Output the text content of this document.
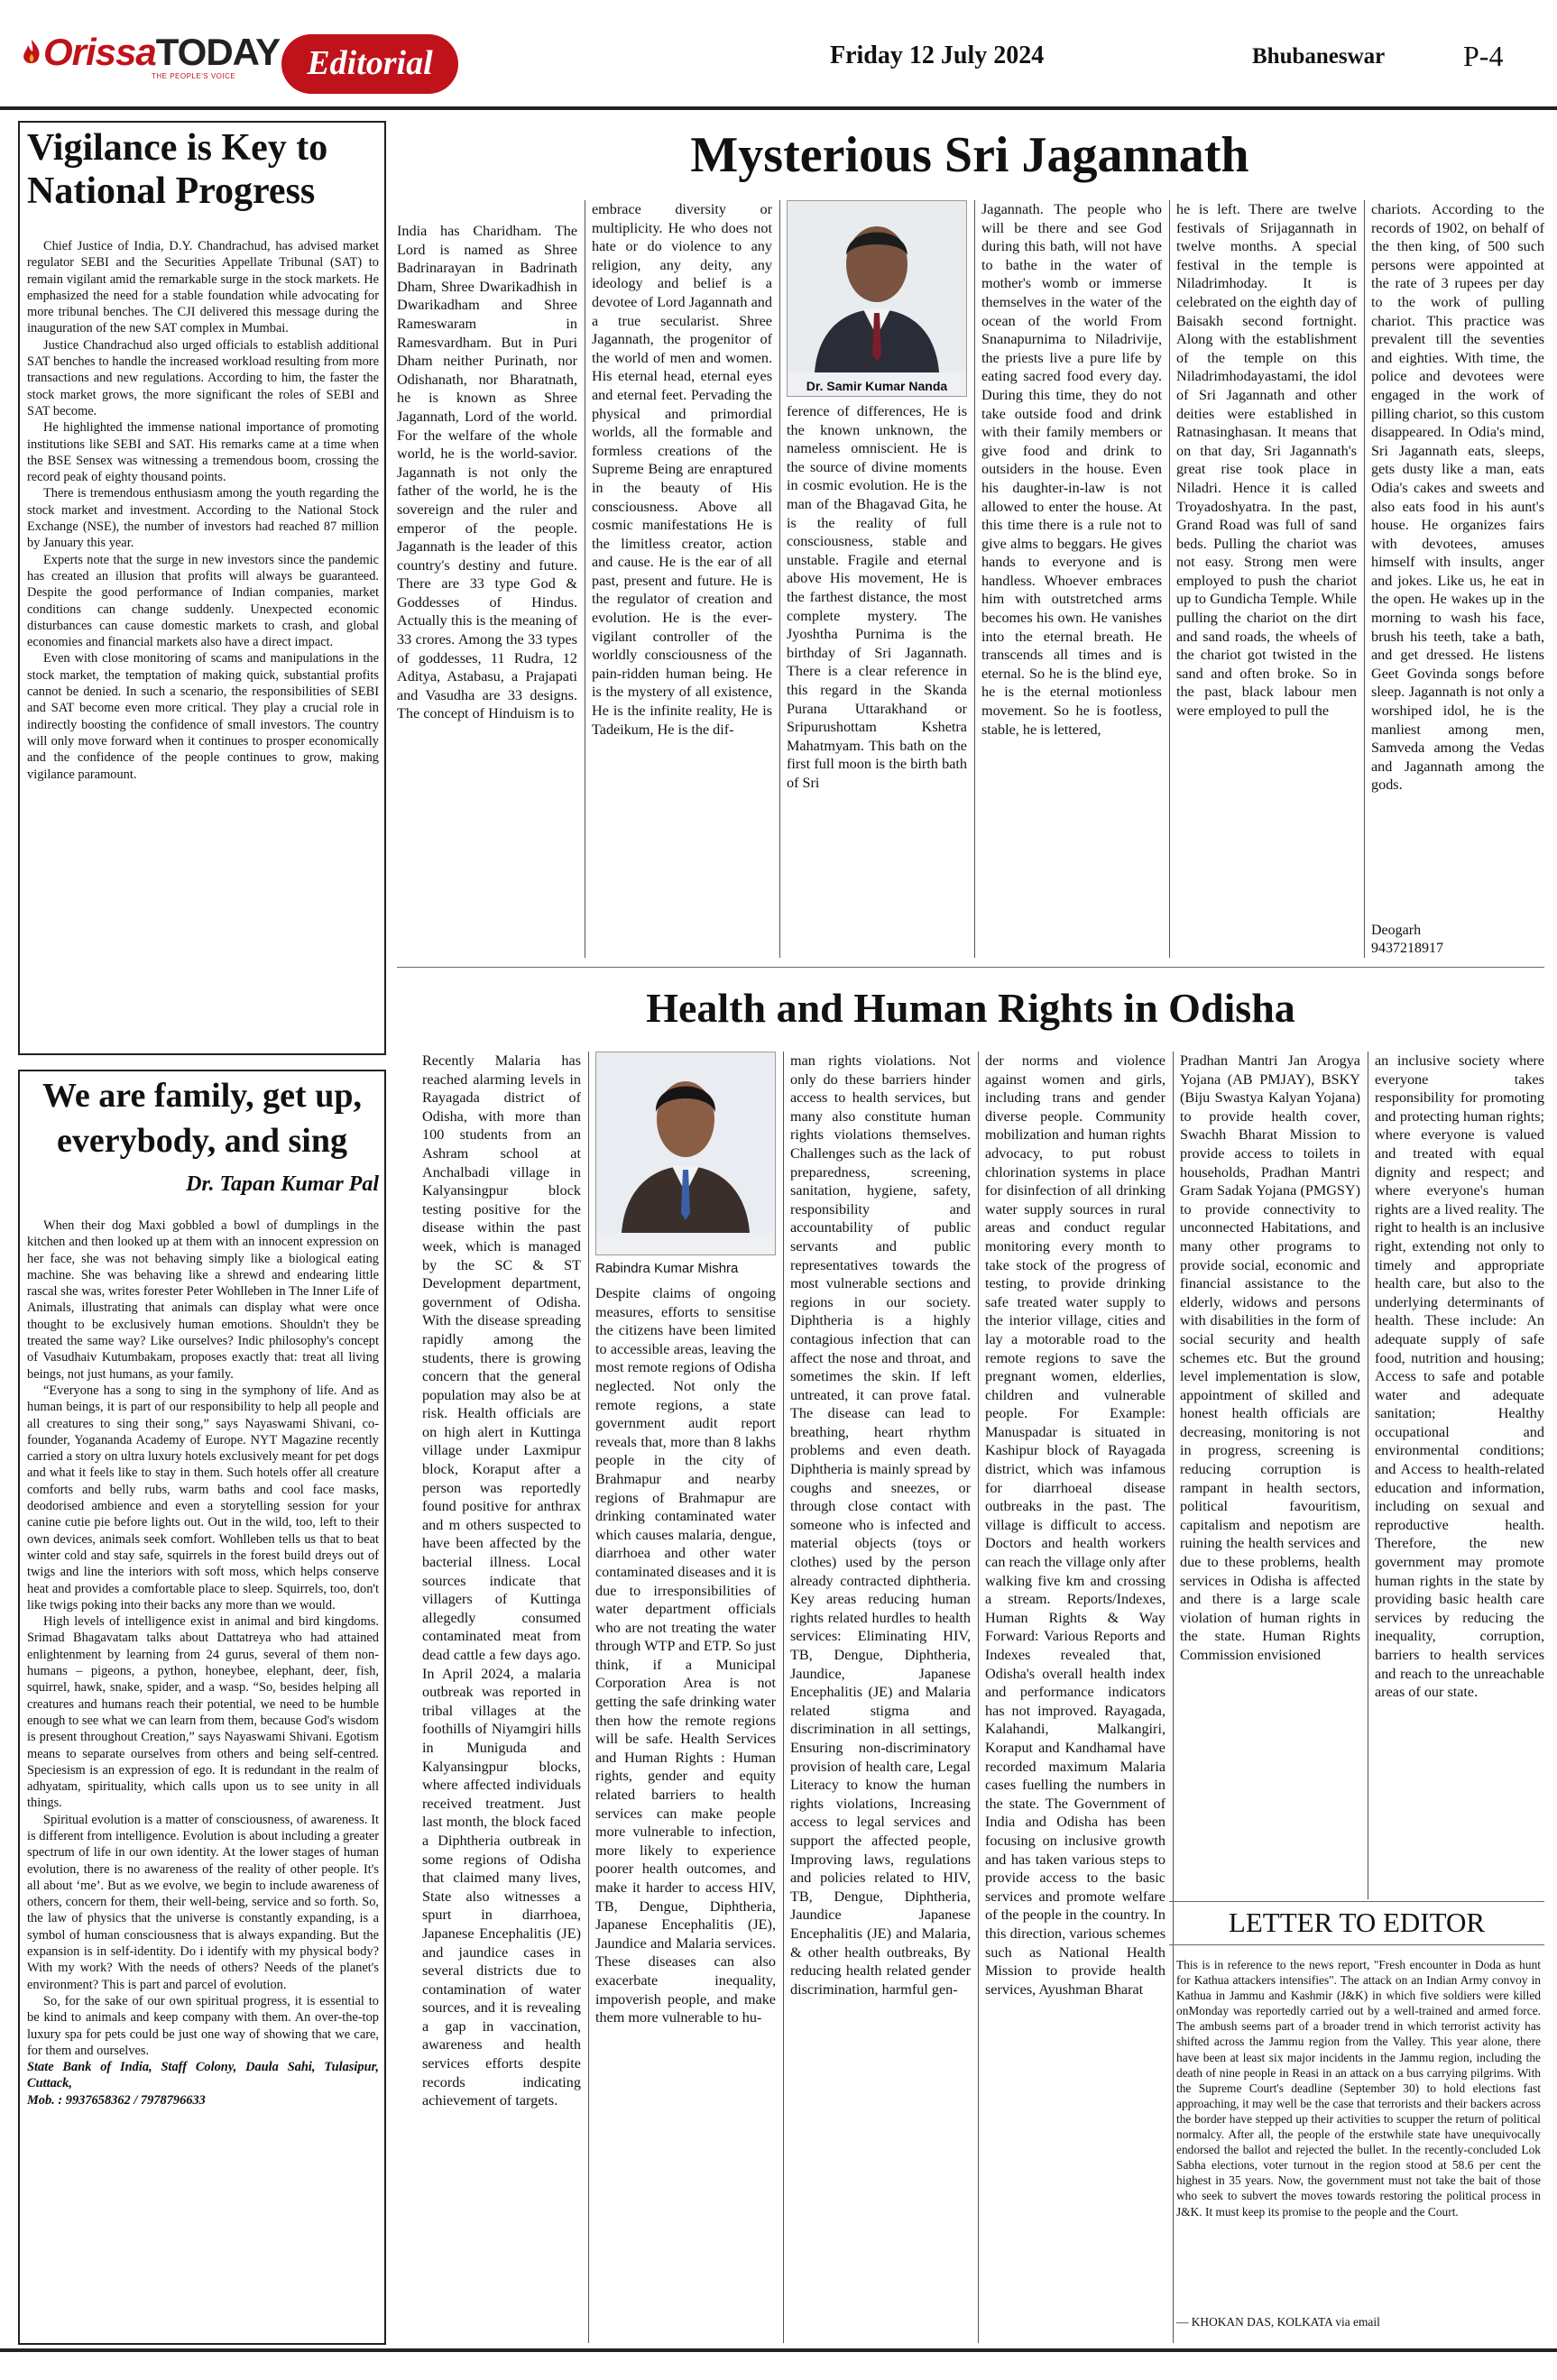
OrissaTODAY
THE PEOPLE'S VOICE	Editorial	Friday 12 July 2024	Bhubaneswar	P-4
Vigilance is Key to National Progress

Chief Justice of India, D.Y. Chandrachud, has advised market regulator SEBI and the Securities Appellate Tribunal (SAT) to remain vigilant amid the remarkable surge in the stock markets. He emphasized the need for a stable foundation while advocating for more tribunal benches. The CJI delivered this message during the inauguration of the new SAT complex in Mumbai.

Justice Chandrachud also urged officials to establish additional SAT benches to handle the increased workload resulting from more transactions and new regulations. According to him, the faster the stock market grows, the more significant the roles of SEBI and SAT become.

He highlighted the immense national importance of promoting institutions like SEBI and SAT. His remarks came at a time when the BSE Sensex was witnessing a tremendous boom, crossing the record peak of eighty thousand points.

There is tremendous enthusiasm among the youth regarding the stock market and investment. According to the National Stock Exchange (NSE), the number of investors had reached 87 million by January this year.

Experts note that the surge in new investors since the pandemic has created an illusion that profits will always be guaranteed. Despite the good performance of Indian companies, market conditions can change suddenly. Unexpected economic disturbances can cause domestic markets to crash, and global economies and financial markets also have a direct impact.

Even with close monitoring of scams and manipulations in the stock market, the temptation of making quick, substantial profits cannot be denied. In such a scenario, the responsibilities of SEBI and SAT become even more critical. They play a crucial role in indirectly boosting the confidence of small investors. The country will only move forward when it continues to prosper economically and the confidence of the people continues to grow, making vigilance paramount.

We are family, get up, everybody, and sing
Dr. Tapan Kumar Pal

When their dog Maxi gobbled a bowl of dumplings in the kitchen and then looked up at them with an innocent expression on her face, she was not behaving simply like a biological eating machine. She was behaving like a shrewd and endearing little rascal she was, writes forester Peter Wohlleben in The Inner Life of Animals, illustrating that animals can display what were once thought to be exclusively human emotions. Shouldn't they be treated the same way? Like ourselves? Indic philosophy's concept of Vasudhaiv Kutumbakam, proposes exactly that: treat all living beings, not just humans, as your family.

“Everyone has a song to sing in the symphony of life. And as human beings, it is part of our responsibility to help all people and all creatures to sing their song,” says Nayaswami Shivani, co-founder, Yogananda Academy of Europe. NYT Magazine recently carried a story on ultra luxury hotels exclusively meant for pet dogs and what it feels like to stay in them. Such hotels offer all creature comforts and belly rubs, warm baths and cool face masks, deodorised ambience and even a storytelling session for your canine cutie pie before lights out. Out in the wild, too, left to their own devices, animals seek comfort. Wohlleben tells us that to beat winter cold and stay safe, squirrels in the forest build dreys out of twigs and line the interiors with soft moss, which helps conserve heat and provides a comfortable place to sleep. Squirrels, too, don't like twigs poking into their backs any more than we would.

High levels of intelligence exist in animal and bird kingdoms. Srimad Bhagavatam talks about Dattatreya who had attained enlightenment by learning from 24 gurus, several of them non-humans – pigeons, a python, honeybee, elephant, deer, fish, squirrel, hawk, snake, spider, and a wasp. “So, besides helping all creatures and humans reach their potential, we need to be humble enough to see what we can learn from them, because God's wisdom is present throughout Creation,” says Nayaswami Shivani. Egotism means to separate ourselves from others and being self-centred. Speciesism is an expression of ego. It is redundant in the realm of adhyatam, spirituality, which calls upon us to see unity in all things.

Spiritual evolution is a matter of consciousness, of awareness. It is different from intelligence. Evolution is about including a greater spectrum of life in our own identity. At the lower stages of human evolution, there is no awareness of the reality of other people. It's all about ‘me’. But as we evolve, we begin to include awareness of others, concern for them, their well-being, service and so forth. So, the law of physics that the universe is constantly expanding, is a symbol of human consciousness that is always expanding. But the expansion is in self-identity. Do i identify with my physical body? With my work? With the needs of others? Needs of the planet's environment? This is part and parcel of evolution.

So, for the sake of our own spiritual progress, it is essential to be kind to animals and keep company with them. An over-the-top luxury spa for pets could be just one way of showing that we care, for them and ourselves.

State Bank of India, Staff Colony, Daula Sahi, Tulasipur, Cuttack,

Mob. : 9937658362 / 7978796633

Mysterious Sri Jagannath
India has Charidham. The Lord is named as Shree Badrinarayan in Badrinath Dham, Shree Dwarikadhish in Dwarikadham and Shree Rameswaram in Ramesvardham. But in Puri Dham neither Purinath, nor Odishanath, nor Bharatnath, he is known as Shree Jagannath, Lord of the world. For the welfare of the whole world, he is the world-savior. Jagannath is not only the father of the world, he is the sovereign and the ruler and emperor of the people. Jagannath is the leader of this country's destiny and future. There are 33 type God & Goddesses of Hindus. Actually this is the meaning of 33 crores. Among the 33 types of goddesses, 11 Rudra, 12 Aditya, Astabasu, a Prajapati and Vasudha are 33 designs. The concept of Hinduism is to
embrace diversity or multiplicity. He who does not hate or do violence to any religion, any deity, any ideology and belief is a devotee of Lord Jagannath and a true secularist. Shree Jagannath, the progenitor of the world of men and women. His eternal head, eternal eyes and eternal feet. Pervading the physical and primordial worlds, all the formable and formless creations of the Supreme Being are enraptured in the beauty of His consciousness. Above all cosmic manifestations He is the limitless creator, action and cause. He is the ear of all past, present and future. He is the regulator of creation and evolution. He is the ever-vigilant controller of the worldly consciousness of the pain-ridden human being. He is the mystery of all existence, He is the infinite reality, He is Tadeikum, He is the dif-
Dr. Samir Kumar Nanda
ference of differences, He is the known unknown, the nameless omniscient. He is the source of divine moments in cosmic evolution. He is the man of the Bhagavad Gita, he is the reality of full consciousness, stable and unstable. Fragile and eternal above His movement, He is the farthest distance, the most complete mystery. The Jyoshtha Purnima is the birthday of Sri Jagannath. There is a clear reference in this regard in the Skanda Purana Uttarakhand or Sripurushottam Kshetra Mahatmyam. This bath on the first full moon is the birth bath of Sri
Jagannath. The people who will be there and see God during this bath, will not have to bathe in the water of mother's womb or immerse themselves in the water of the ocean of the world From Snanapurnima to Niladrivije, the priests live a pure life by eating sacred food every day. During this time, they do not take outside food and drink with their family members or give food and drink to outsiders in the house. Even his daughter-in-law is not allowed to enter the house. At this time there is a rule not to give alms to beggars. He gives hands to everyone and is handless. Whoever embraces him with outstretched arms becomes his own. He vanishes into the eternal breath. He transcends all times and is eternal. So he is the blind eye, he is the eternal motionless movement. So he is footless, stable, he is lettered,
he is left. There are twelve festivals of Srijagannath in twelve months. A special festival in the temple is Niladrimhoday. It is celebrated on the eighth day of Baisakh second fortnight. Along with the establishment of the temple on this Niladrimhodayastami, the idol of Sri Jagannath and other deities were established in Ratnasinghasan. It means that on that day, Sri Jagannath's great rise took place in Niladri. Hence it is called Troyadoshyatra. In the past, Grand Road was full of sand beds. Pulling the chariot was not easy. Strong men were employed to push the chariot up to Gundicha Temple. While pulling the chariot on the dirt and sand roads, the wheels of the chariot got twisted in the sand and often broke. So in the past, black labour men were employed to pull the
chariots. According to the records of 1902, on behalf of the then king, of 500 such persons were appointed at the rate of 3 rupees per day to the work of pulling chariot. This practice was prevalent till the seventies and eighties. With time, the police and devotees were engaged in the work of pilling chariot, so this custom disappeared. In Odia's mind, Sri Jagannath eats, sleeps, gets dusty like a man, eats Odia's cakes and sweets and also eats food in his aunt's house. He organizes fairs with devotees, amuses himself with insults, anger and jokes. Like us, he eat in the open. He wakes up in the morning to wash his face, brush his teeth, take a bath, and get dressed. He listens Geet Govinda songs before sleep. Jagannath is not only a worshiped idol, he is the manliest among men, Samveda among the Vedas and Jagannath among the gods.
Deogarh
9437218917
Health and Human Rights in Odisha
Recently Malaria has reached alarming levels in Rayagada district of Odisha, with more than 100 students from an Ashram school at Anchalbadi village in Kalyansingpur block testing positive for the disease within the past week, which is managed by the SC & ST Development department, government of Odisha. With the disease spreading rapidly among the students, there is growing concern that the general population may also be at risk. Health officials are on high alert in Kuttinga village under Laxmipur block, Koraput after a person was reportedly found positive for anthrax and m others suspected to have been affected by the bacterial illness. Local sources indicate that villagers of Kuttinga allegedly consumed contaminated meat from dead cattle a few days ago. In April 2024, a malaria outbreak was reported in tribal villages at the foothills of Niyamgiri hills in Muniguda and Kalyansingpur blocks, where affected individuals received treatment. Just last month, the block faced a Diphtheria outbreak in some regions of Odisha that claimed many lives, State also witnesses a spurt in diarrhoea, Japanese Encephalitis (JE) and jaundice cases in several districts due to contamination of water sources, and it is revealing a gap in vaccination, awareness and health services efforts despite records indicating achievement of targets.
Rabindra Kumar Mishra
Despite claims of ongoing measures, efforts to sensitise the citizens have been limited to accessible areas, leaving the most remote regions of Odisha neglected. Not only the remote regions, a state government audit report reveals that, more than 8 lakhs people in the city of Brahmapur and nearby regions of Brahmapur are drinking contaminated water which causes malaria, dengue, diarrhoea and other water contaminated diseases and it is due to irresponsibilities of water department officials who are not treating the water through WTP and ETP. So just think, if a Municipal Corporation Area is not getting the safe drinking water then how the remote regions will be safe. Health Services and Human Rights : Human rights, gender and equity related barriers to health services can make people more vulnerable to infection, more likely to experience poorer health outcomes, and make it harder to access HIV, TB, Dengue, Diphtheria, Japanese Encephalitis (JE), Jaundice and Malaria services. These diseases can also exacerbate inequality, impoverish people, and make them more vulnerable to hu-
man rights violations. Not only do these barriers hinder access to health services, but many also constitute human rights violations themselves. Challenges such as the lack of preparedness, screening, sanitation, hygiene, safety, responsibility and accountability of public servants and public representatives towards the most vulnerable sections and regions in our society. Diphtheria is a highly contagious infection that can affect the nose and throat, and sometimes the skin. If left untreated, it can prove fatal. The disease can lead to breathing, heart rhythm problems and even death. Diphtheria is mainly spread by coughs and sneezes, or through close contact with someone who is infected and material objects (toys or clothes) used by the person already contracted diphtheria. Key areas reducing human rights related hurdles to health services: Eliminating HIV, TB, Dengue, Diphtheria, Jaundice, Japanese Encephalitis (JE) and Malaria related stigma and discrimination in all settings, Ensuring non-discriminatory provision of health care, Legal Literacy to know the human rights violations, Increasing access to legal services and support the affected people, Improving laws, regulations and policies related to HIV, TB, Dengue, Diphtheria, Jaundice Japanese Encephalitis (JE) and Malaria, & other health outbreaks, By reducing health related gender discrimination, harmful gen-
der norms and violence against women and girls, including trans and gender diverse people. Community mobilization and human rights advocacy, to put robust chlorination systems in place for disinfection of all drinking water supply sources in rural areas and conduct regular monitoring every month to take stock of the progress of testing, to provide drinking safe treated water supply to the interior village, cities and lay a motorable road to the remote regions to save the pregnant women, elderlies, children and vulnerable people. For Example: Manuspadar is situated in Kashipur block of Rayagada district, which was infamous for diarrhoeal disease outbreaks in the past. The village is difficult to access. Doctors and health workers can reach the village only after walking five km and crossing a stream. Reports/Indexes, Human Rights & Way Forward: Various Reports and Indexes revealed that, Odisha's overall health index and performance indicators has not improved. Rayagada, Kalahandi, Malkangiri, Koraput and Kandhamal have recorded maximum Malaria cases fuelling the numbers in the state. The Government of India and Odisha has been focusing on inclusive growth and has taken various steps to provide access to the basic services and promote welfare of the people in the country. In this direction, various schemes such as National Health Mission to provide health services, Ayushman Bharat
Pradhan Mantri Jan Arogya Yojana (AB PMJAY), BSKY (Biju Swastya Kalyan Yojana) to provide health cover, Swachh Bharat Mission to provide access to toilets in households, Pradhan Mantri Gram Sadak Yojana (PMGSY) to provide connectivity to unconnected Habitations, and many other programs to provide social, economic and financial assistance to the elderly, widows and persons with disabilities in the form of social security and health schemes etc. But the ground level implementation is slow, appointment of skilled and honest health officials are decreasing, monitoring is not in progress, screening is reducing corruption is rampant in health sectors, political favouritism, capitalism and nepotism are ruining the health services and due to these problems, health services in Odisha is affected and there is a large scale violation of human rights in the state. Human Rights Commission envisioned
an inclusive society where everyone takes responsibility for promoting and protecting human rights; where everyone is valued and treated with equal dignity and respect; and where everyone's human rights are a lived reality. The right to health is an inclusive right, extending not only to timely and appropriate health care, but also to the underlying determinants of health. These include: An adequate supply of safe food, nutrition and housing; Access to safe and potable water and adequate sanitation; Healthy occupational and environmental conditions; and Access to health-related education and information, including on sexual and reproductive health. Therefore, the new government may promote human rights in the state by providing basic health care services by reducing the inequality, corruption, barriers to health services and reach to the unreachable areas of our state.
LETTER TO EDITOR
This is in reference to the news report, "Fresh encounter in Doda as hunt for Kathua attackers intensifies". The attack on an Indian Army convoy in Kathua in Jammu and Kashmir (J&K) in which five soldiers were killed onMonday was reportedly carried out by a well-trained and armed force. The ambush seems part of a broader trend in which terrorist activity has shifted across the Jammu region from the Valley. This year alone, there have been at least six major incidents in the Jammu region, including the death of nine people in Reasi in an attack on a bus carrying pilgrims. With the Supreme Court's deadline (September 30) to hold elections fast approaching, it may well be the case that terrorists and their backers across the border have stepped up their activities to scupper the return of political normalcy. After all, the people of the erstwhile state have unequivocally endorsed the ballot and rejected the bullet. In the recently-concluded Lok Sabha elections, voter turnout in the region stood at 58.6 per cent the highest in 35 years. Now, the government must not take the bait of those who seek to subvert the moves towards restoring the political process in J&K. It must keep its promise to the people and the Court.
— KHOKAN DAS, KOLKATA via email
